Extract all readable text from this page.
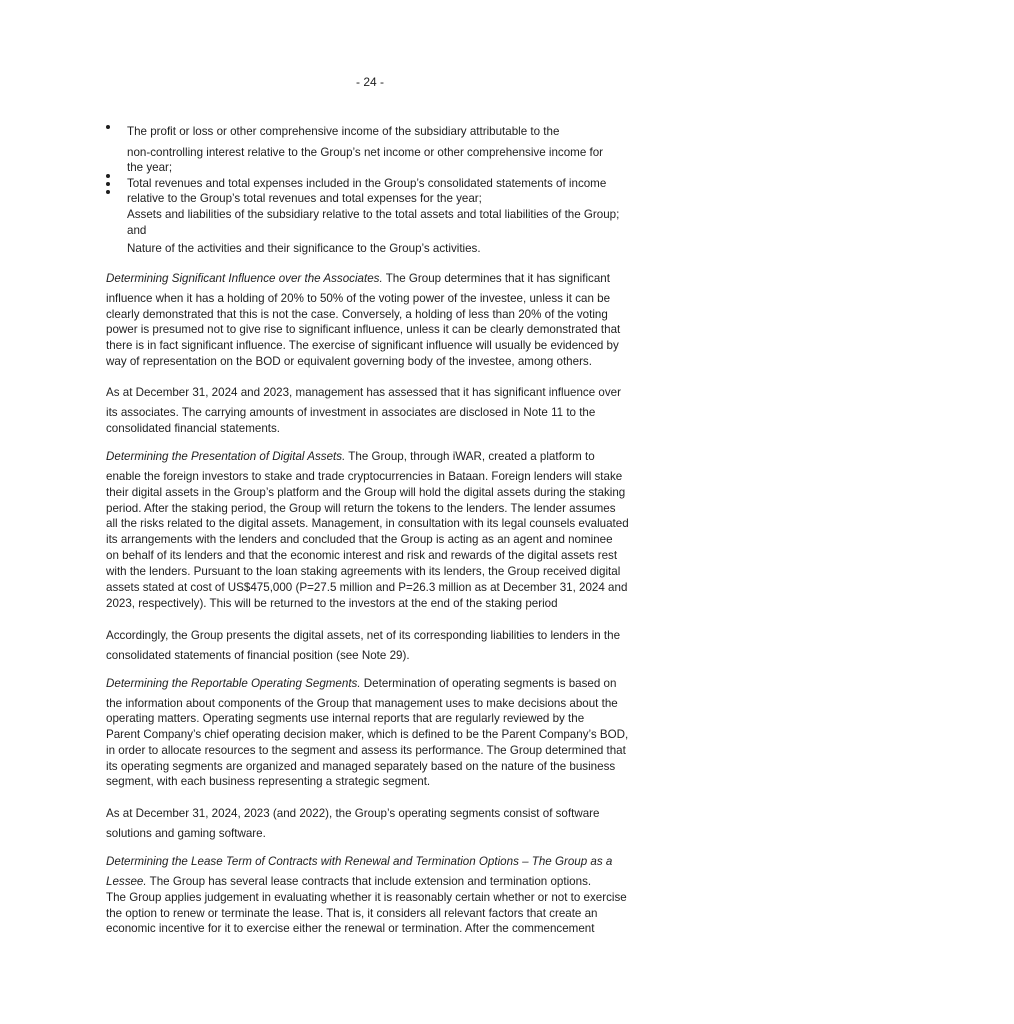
- 24 -
The profit or loss or other comprehensive income of the subsidiary attributable to the
non-controlling interest relative to the Group’s net income or other comprehensive income for
the year;
Total revenues and total expenses included in the Group’s consolidated statements of income
relative to the Group’s total revenues and total expenses for the year;
Assets and liabilities of the subsidiary relative to the total assets and total liabilities of the Group;
and
Nature of the activities and their significance to the Group’s activities.
Determining Significant Influence over the Associates. The Group determines that it has significant
influence when it has a holding of 20% to 50% of the voting power of the investee, unless it can be
clearly demonstrated that this is not the case. Conversely, a holding of less than 20% of the voting
power is presumed not to give rise to significant influence, unless it can be clearly demonstrated that
there is in fact significant influence. The exercise of significant influence will usually be evidenced by
way of representation on the BOD or equivalent governing body of the investee, among others.
As at December 31, 2024 and 2023, management has assessed that it has significant influence over
its associates. The carrying amounts of investment in associates are disclosed in Note 11 to the
consolidated financial statements.
Determining the Presentation of Digital Assets. The Group, through iWAR, created a platform to
enable the foreign investors to stake and trade cryptocurrencies in Bataan. Foreign lenders will stake
their digital assets in the Group’s platform and the Group will hold the digital assets during the staking
period. After the staking period, the Group will return the tokens to the lenders. The lender assumes
all the risks related to the digital assets. Management, in consultation with its legal counsels evaluated
its arrangements with the lenders and concluded that the Group is acting as an agent and nominee
on behalf of its lenders and that the economic interest and risk and rewards of the digital assets rest
with the lenders. Pursuant to the loan staking agreements with its lenders, the Group received digital
assets stated at cost of US$475,000 (P=27.5 million and P=26.3 million as at December 31, 2024 and
2023, respectively). This will be returned to the investors at the end of the staking period
Accordingly, the Group presents the digital assets, net of its corresponding liabilities to lenders in the
consolidated statements of financial position (see Note 29).
Determining the Reportable Operating Segments. Determination of operating segments is based on
the information about components of the Group that management uses to make decisions about the
operating matters. Operating segments use internal reports that are regularly reviewed by the
Parent Company’s chief operating decision maker, which is defined to be the Parent Company’s BOD,
in order to allocate resources to the segment and assess its performance. The Group determined that
its operating segments are organized and managed separately based on the nature of the business
segment, with each business representing a strategic segment.
As at December 31, 2024, 2023 (and 2022), the Group’s operating segments consist of software
solutions and gaming software.
Determining the Lease Term of Contracts with Renewal and Termination Options – The Group as a
Lessee. The Group has several lease contracts that include extension and termination options.
The Group applies judgement in evaluating whether it is reasonably certain whether or not to exercise
the option to renew or terminate the lease. That is, it considers all relevant factors that create an
economic incentive for it to exercise either the renewal or termination. After the commencement
